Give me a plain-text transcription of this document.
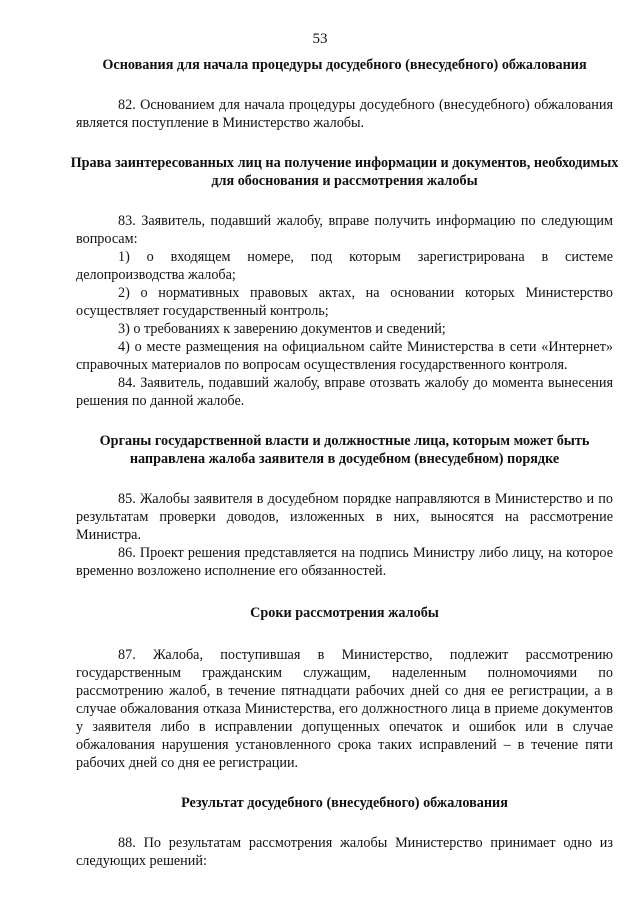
53
Основания для начала процедуры досудебного (внесудебного) обжалования

82. Основанием для начала процедуры досудебного (внесудебного) обжалования является поступление в Министерство жалобы.

Права заинтересованных лиц на получение информации и документов, необходимых для обоснования и рассмотрения жалобы

83. Заявитель, подавший жалобу, вправе получить информацию по следующим вопросам:

1) о входящем номере, под которым зарегистрирована в системе делопроизводства жалоба;

2) о нормативных правовых актах, на основании которых Министерство осуществляет государственный контроль;

3) о требованиях к заверению документов и сведений;

4) о месте размещения на официальном сайте Министерства в сети «Интернет» справочных материалов по вопросам осуществления государственного контроля.

84. Заявитель, подавший жалобу, вправе отозвать жалобу до момента вынесения решения по данной жалобе.

Органы государственной власти и должностные лица, которым может быть направлена жалоба заявителя в досудебном (внесудебном) порядке

85. Жалобы заявителя в досудебном порядке направляются в Министерство и по результатам проверки доводов, изложенных в них, выносятся на рассмотрение Министра.

86. Проект решения представляется на подпись Министру либо лицу, на которое временно возложено исполнение его обязанностей.

Сроки рассмотрения жалобы

87. Жалоба, поступившая в Министерство, подлежит рассмотрению государственным гражданским служащим, наделенным полномочиями по рассмотрению жалоб, в течение пятнадцати рабочих дней со дня ее регистрации, а в случае обжалования отказа Министерства, его должностного лица в приеме документов у заявителя либо в исправлении допущенных опечаток и ошибок или в случае обжалования нарушения установленного срока таких исправлений – в течение пяти рабочих дней со дня ее регистрации.

Результат досудебного (внесудебного) обжалования

88. По результатам рассмотрения жалобы Министерство принимает одно из следующих решений:
